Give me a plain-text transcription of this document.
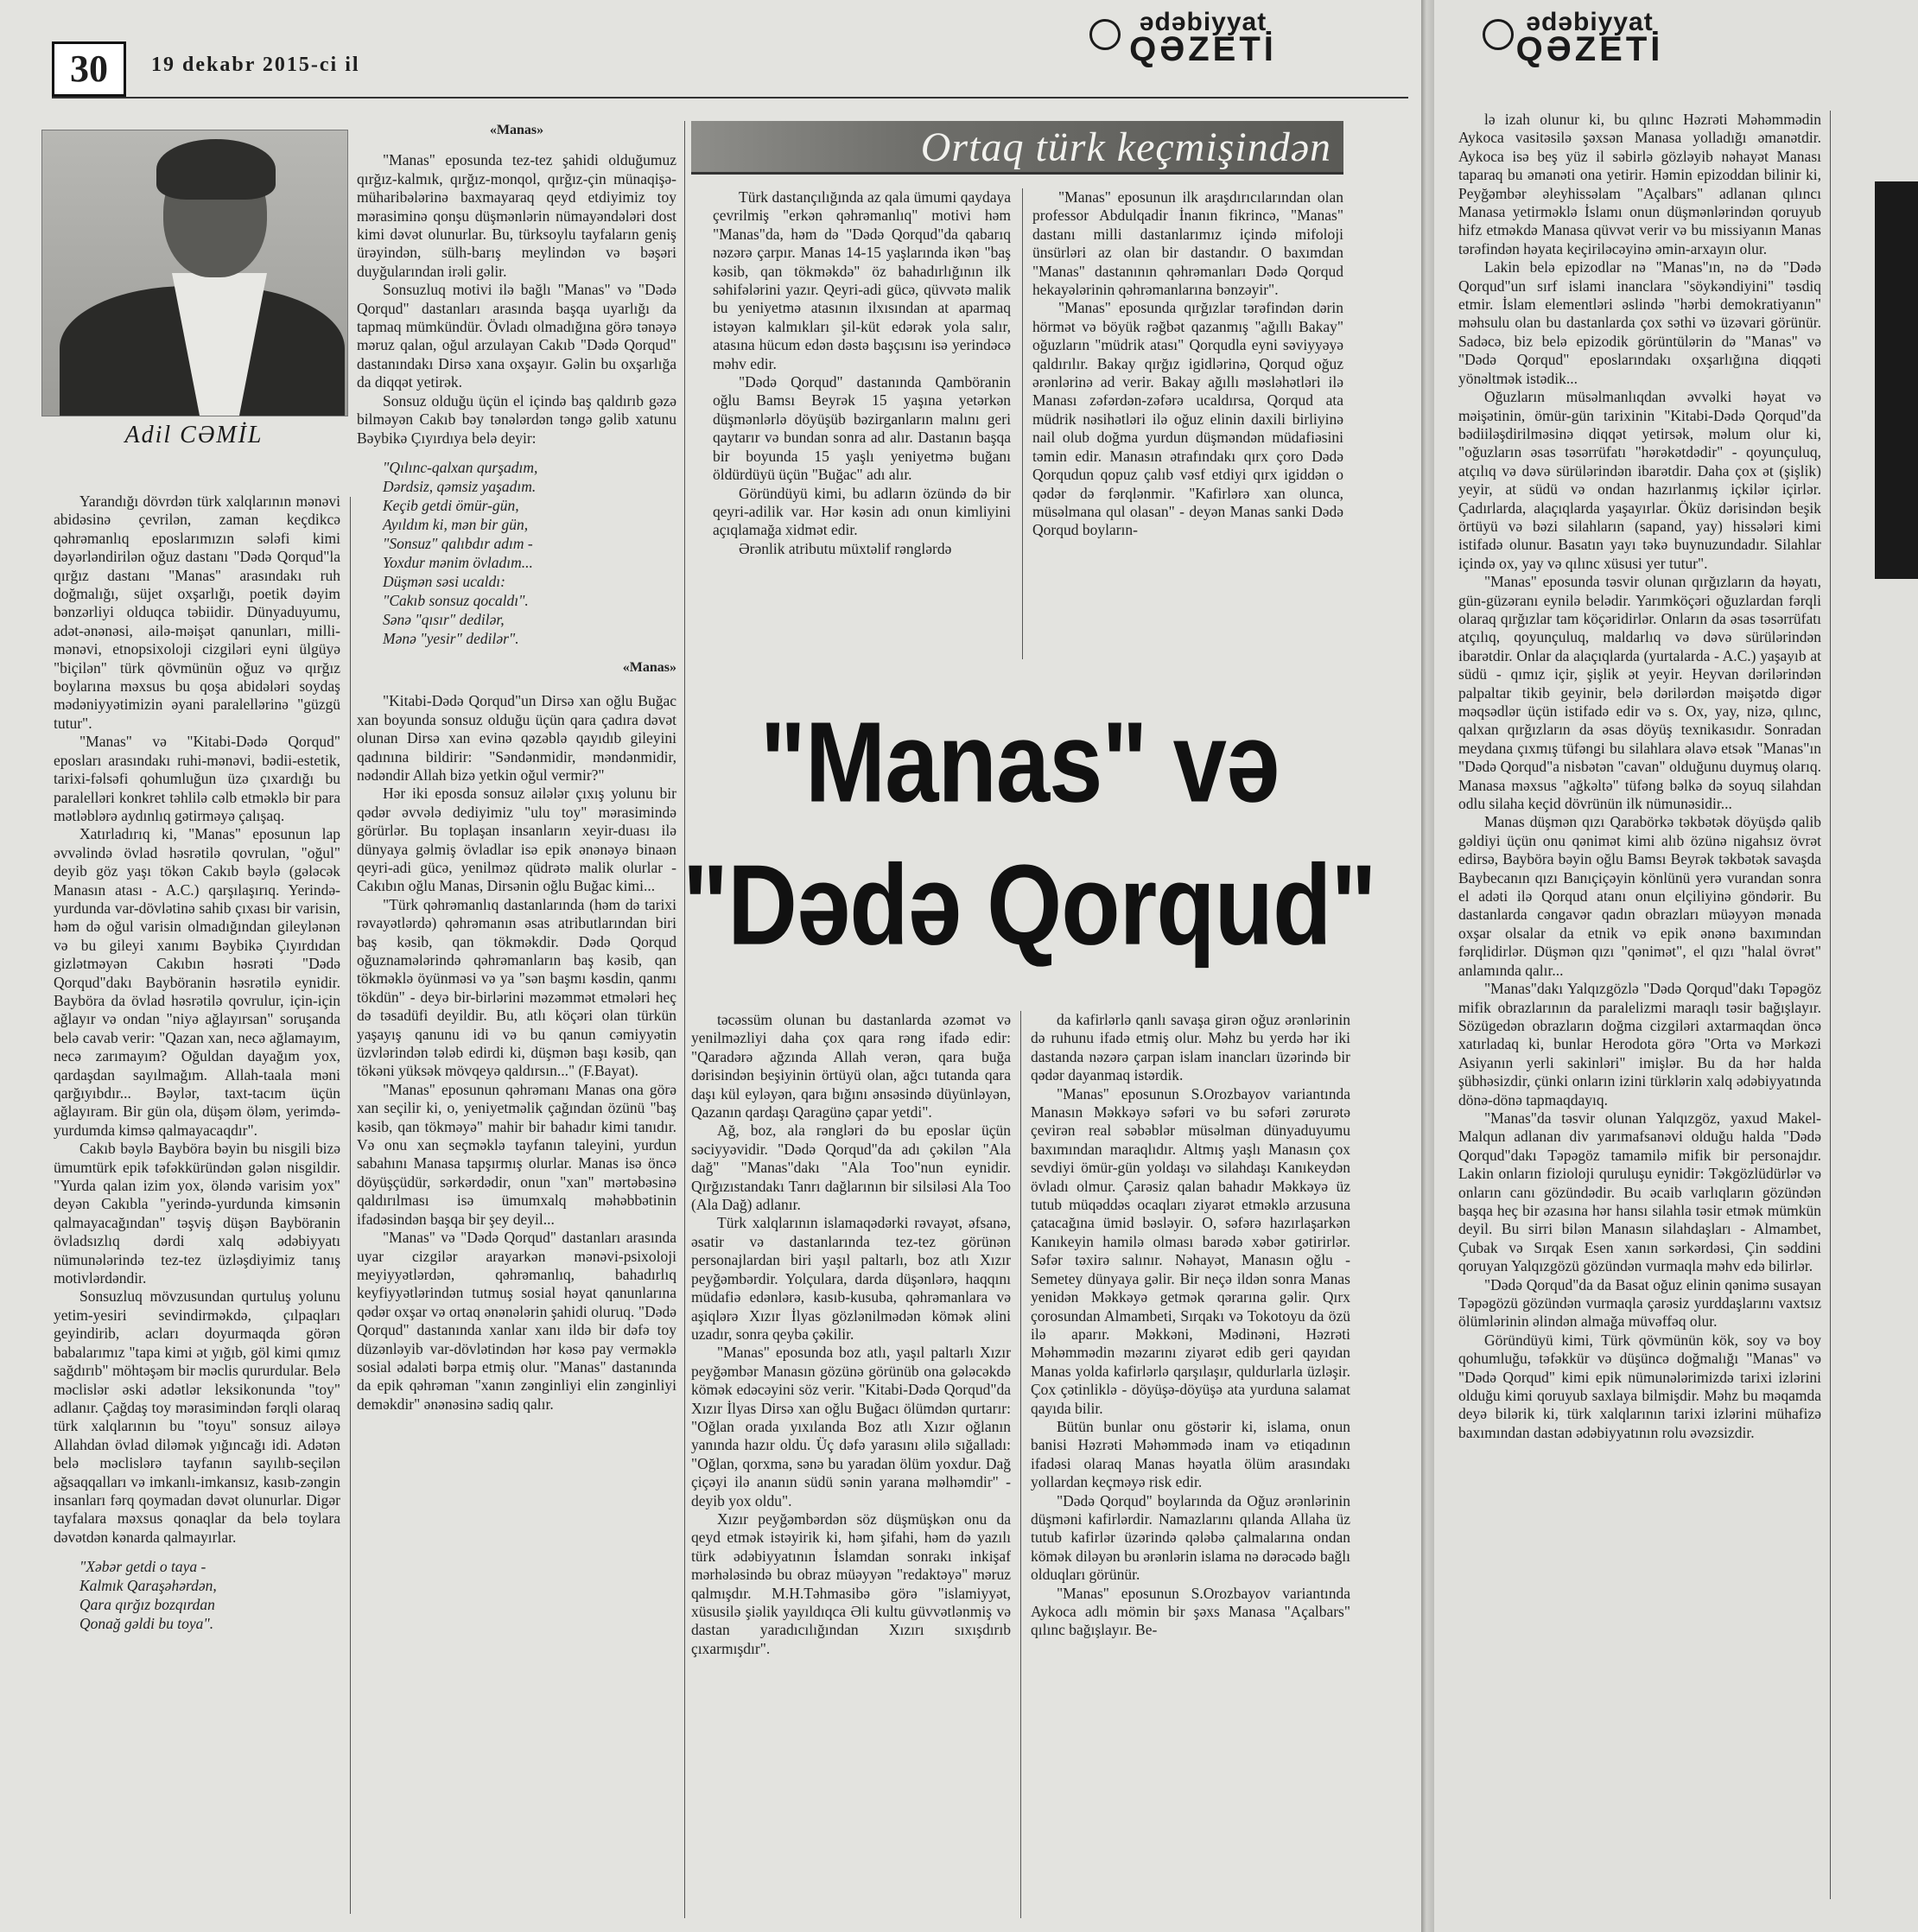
30	19 dekabr 2015-ci il
ədəbiyyat
QƏZETİ
Adil CƏMİL

Yarandığı dövrdən türk xalqlarının mənəvi abidəsinə çevrilən, zaman keçdikcə qəhrəmanlıq eposlarımızın sələfi kimi dəyərləndirilən oğuz dastanı "Dədə Qorqud"la qırğız dastanı "Manas" arasındakı ruh doğmalığı, süjet oxşarlığı, poetik dəyim bənzərliyi olduqca təbiidir. Dünyaduyumu, adət-ənənəsi, ailə-məişət qanunları, milli-mənəvi, etnopsixoloji cizgiləri eyni ülgüyə "biçilən" türk qövmünün oğuz və qırğız boylarına məxsus bu qoşa abidələri soydaş mədəniyyətimizin əyani paralellərinə "güzgü tutur".

"Manas" və "Kitabi-Dədə Qorqud" eposları arasındakı ruhi-mənəvi, bədii-estetik, tarixi-fəlsəfi qohumluğun üzə çıxardığı bu paralelləri konkret təhlilə cəlb etməklə bir para mətləblərə aydınlıq gətirməyə çalışaq.

Xatırladırıq ki, "Manas" eposunun lap əvvəlində övlad həsrətilə qovrulan, "oğul" deyib göz yaşı tökən Cakıb bəylə (gələcək Manasın atası - A.C.) qarşılaşırıq. Yerində-yurdunda var-dövlətinə sahib çıxası bir varisin, həm də oğul varisin olmadığından gileylənən və bu gileyi xanımı Bəybikə Çıyırdıdan gizlətməyən Cakıbın həsrəti "Dədə Qorqud"dakı Bayböranin həsrətilə eynidir. Bayböra da övlad həsrətilə qovrulur, için-için ağlayır və ondan "niyə ağlayırsan" soruşanda belə cavab verir: "Qazan xan, necə ağlamayım, necə zarımayım? Oğuldan dayağım yox, qardaşdan sayılmağım. Allah-taala məni qarğıyıbdır... Bəylər, taxt-tacım üçün ağlayıram. Bir gün ola, düşəm öləm, yerimdə-yurdumda kimsə qalmayacaqdır".

Cakıb bəylə Bayböra bəyin bu nisgili bizə ümumtürk epik təfəkküründən gələn nisgildir. "Yurda qalan izim yox, öləndə varisim yox" deyən Cakıbla "yerində-yurdunda kimsənin qalmayacağından" təşviş düşən Bayböranin övladsızlıq dərdi xalq ədəbiyyatı nümunələrində tez-tez üzləşdiyimiz tanış motivlərdəndir.

Sonsuzluq mövzusundan qurtuluş yolunu yetim-yesiri sevindirməkdə, çılpaqları geyindirib, acları doyurmaqda görən babalarımız "tapa kimi ət yığıb, göl kimi qımız sağdırıb" möhtəşəm bir məclis qururdular. Belə məclislər əski adətlər leksikonunda "toy" adlanır. Çağdaş toy mərasimindən fərqli olaraq türk xalqlarının bu "toyu" sonsuz ailəyə Allahdan övlad diləmək yığıncağı idi. Adətən belə məclislərə tayfanın sayılıb-seçilən ağsaqqalları və imkanlı-imkansız, kasıb-zəngin insanları fərq qoymadan dəvət olunurlar. Digər tayfalara məxsus qonaqlar da belə toylara dəvətdən kənarda qalmayırlar.

"Xəbər getdi o taya -
Kalmık Qaraşəhərdən,
Qara qırğız bozqırdan
Qonağ gəldi bu toya".
«Manas»

"Manas" eposunda tez-tez şahidi olduğumuz qırğız-kalmık, qırğız-monqol, qırğız-çin münaqişə-müharibələrinə baxmayaraq qeyd etdiyimiz toy mərasiminə qonşu düşmənlərin nümayəndələri dost kimi dəvət olunurlar. Bu, türksoylu tayfaların geniş ürəyindən, sülh-barış meylindən və bəşəri duyğularından irəli gəlir.

Sonsuzluq motivi ilə bağlı "Manas" və "Dədə Qorqud" dastanları arasında başqa uyarlığı da tapmaq mümkündür. Övladı olmadığına görə tənəyə məruz qalan, oğul arzulayan Cakıb "Dədə Qorqud" dastanındakı Dirsə xana oxşayır. Gəlin bu oxşarlığa da diqqət yetirək.

Sonsuz olduğu üçün el içində baş qaldırıb gəzə bilməyən Cakıb bəy tənələrdən təngə gəlib xatunu Bəybikə Çıyırdıya belə deyir:

"Qılınc-qalxan qurşadım,
Dərdsiz, qəmsiz yaşadım.
Keçib getdi ömür-gün,
Ayıldım ki, mən bir gün,
"Sonsuz" qalıbdır adım -
Yoxdur mənim övladım...
Düşmən səsi ucaldı:
"Cakıb sonsuz qocaldı".
Sənə "qısır" dedilər,
Mənə "yesir" dedilər".
«Manas»

"Kitabi-Dədə Qorqud"un Dirsə xan oğlu Buğac xan boyunda sonsuz olduğu üçün qara çadıra dəvət olunan Dirsə xan evinə qəzəblə qayıdıb gileyini qadınına bildirir: "Səndənmidir, məndənmidir, nədəndir Allah bizə yetkin oğul vermir?"

Hər iki eposda sonsuz ailələr çıxış yolunu bir qədər əvvələ dediyimiz "ulu toy" mərasimində görürlər. Bu toplaşan insanların xeyir-duası ilə dünyaya gəlmiş övladlar isə epik ənənəyə binaən qeyri-adi gücə, yenilməz qüdrətə malik olurlar - Cakıbın oğlu Manas, Dirsənin oğlu Buğac kimi...

"Türk qəhrəmanlıq dastanlarında (həm də tarixi rəvayətlərdə) qəhrəmanın əsas atributlarından biri baş kəsib, qan tökməkdir. Dədə Qorqud oğuznamələrində qəhrəmanların baş kəsib, qan tökməklə öyünməsi və ya "sən başmı kəsdin, qanmı tökdün" - deyə bir-birlərini məzəmmət etmələri heç də təsadüfi deyildir. Bu, atlı köçəri olan türkün yaşayış qanunu idi və bu qanun cəmiyyətin üzvlərindən tələb edirdi ki, düşmən başı kəsib, qan tökəni yüksək mövqeyə qaldırsın..." (F.Bayat).

"Manas" eposunun qəhrəmanı Manas ona görə xan seçilir ki, o, yeniyetməlik çağından özünü "baş kəsib, qan tökməyə" mahir bir bahadır kimi tanıdır. Və onu xan seçməklə tayfanın taleyini, yurdun sabahını Manasa tapşırmış olurlar. Manas isə öncə döyüşçüdür, sərkərdədir, onun "xan" mərtəbəsinə qaldırılması isə ümumxalq məhəbbətinin ifadəsindən başqa bir şey deyil...

"Manas" və "Dədə Qorqud" dastanları arasında uyar cizgilər arayarkən mənəvi-psixoloji meyiyyətlərdən, qəhrəmanlıq, bahadırlıq keyfiyyətlərindən tutmuş sosial həyat qanunlarına qədər oxşar və ortaq ənənələrin şahidi oluruq. "Dədə Qorqud" dastanında xanlar xanı ildə bir dəfə toy düzənləyib var-dövlətindən hər kəsə pay verməklə sosial ədaləti bərpa etmiş olur. "Manas" dastanında da epik qəhrəman "xanın zənginliyi elin zənginliyi deməkdir" ənənəsinə sadiq qalır.

Ortaq türk keçmişindən

Türk dastançılığında az qala ümumi qaydaya çevrilmiş "erkən qəhrəmanlıq" motivi həm "Manas"da, həm də "Dədə Qorqud"da qabarıq nəzərə çarpır. Manas 14-15 yaşlarında ikən "baş kəsib, qan tökməkdə" öz bahadırlığının ilk səhifələrini yazır. Qeyri-adi gücə, qüvvətə malik bu yeniyetmə atasının ilxısından at aparmaq istəyən kalmıkları şil-küt edərək yola salır, atasına hücum edən dəstə başçısını isə yerindəcə məhv edir.

"Dədə Qorqud" dastanında Qamböranin oğlu Bamsı Beyrək 15 yaşına yetərkən düşmənlərlə döyüşüb bəzirganların malını geri qaytarır və bundan sonra ad alır. Dastanın başqa bir boyunda 15 yaşlı yeniyetmə buğanı öldürdüyü üçün "Buğac" adı alır.

Göründüyü kimi, bu adların özündə də bir qeyri-adilik var. Hər kəsin adı onun kimliyini açıqlamağa xidmət edir.

Ərənlik atributu müxtəlif rənglərdə

"Manas" eposunun ilk araşdırıcılarından olan professor Abdulqadir İnanın fikrincə, "Manas" dastanı milli dastanlarımız içində mifoloji ünsürləri az olan bir dastandır. O baxımdan "Manas" dastanının qəhrəmanları Dədə Qorqud hekayələrinin qəhrəmanlarına bənzəyir".

"Manas" eposunda qırğızlar tərəfindən dərin hörmət və böyük rəğbət qazanmış "ağıllı Bakay" oğuzların "müdrik atası" Qorqudla eyni səviyyəyə qaldırılır. Bakay qırğız igidlərinə, Qorqud oğuz ərənlərinə ad verir. Bakay ağıllı məsləhətləri ilə Manası zəfərdən-zəfərə ucaldırsa, Qorqud ata müdrik nəsihətləri ilə oğuz elinin daxili birliyinə nail olub doğma yurdun düşməndən müdafiəsini təmin edir. Manasın ətrafındakı qırx çoro Dədə Qorqudun qopuz çalıb vəsf etdiyi qırx igiddən o qədər də fərqlənmir. "Kafirlərə xan olunca, müsəlmana qul olasan" - deyən Manas sanki Dədə Qorqud boyların-

"Manas" və
"Dədə Qorqud"

təcəssüm olunan bu dastanlarda əzəmət və yenilməzliyi daha çox qara rəng ifadə edir: "Qaradərə ağzında Allah verən, qara buğa dərisindən beşiyinin örtüyü olan, ağcı tutanda qara daşı kül eyləyən, qara bığını ənsəsində düyünləyən, Qazanın qardaşı Qaragünə çapar yetdi".

Ağ, boz, ala rəngləri də bu eposlar üçün səciyyəvidir. "Dədə Qorqud"da adı çəkilən "Ala dağ" "Manas"dakı "Ala Too"nun eynidir. Qırğızıstandakı Tanrı dağlarının bir silsiləsi Ala Too (Ala Dağ) adlanır.

Türk xalqlarının islamaqədərki rəvayət, əfsanə, əsatir və dastanlarında tez-tez görünən personajlardan biri yaşıl paltarlı, boz atlı Xızır peyğəmbərdir. Yolçulara, darda düşənlərə, haqqını müdafiə edənlərə, kasıb-kusuba, qəhrəmanlara və aşiqlərə Xızır İlyas gözlənilmədən kömək əlini uzadır, sonra qeyba çəkilir.

"Manas" eposunda boz atlı, yaşıl paltarlı Xızır peyğəmbər Manasın gözünə görünüb ona gələcəkdə kömək edəcəyini söz verir. "Kitabi-Dədə Qorqud"da Xızır İlyas Dirsə xan oğlu Buğacı ölümdən qurtarır: "Oğlan orada yıxılanda Boz atlı Xızır oğlanın yanında hazır oldu. Üç dəfə yarasını əlilə sığalladı: "Oğlan, qorxma, sənə bu yaradan ölüm yoxdur. Dağ çiçəyi ilə ananın südü sənin yarana məlhəmdir" - deyib yox oldu".

Xızır peyğəmbərdən söz düşmüşkən onu da qeyd etmək istəyirik ki, həm şifahi, həm də yazılı türk ədəbiyyatının İslamdan sonrakı inkişaf mərhələsində bu obraz müəyyən "redaktəyə" məruz qalmışdır. M.H.Təhmasibə görə "islamiyyət, xüsusilə şiəlik yayıldıqca Əli kultu güvvətlənmiş və dastan yaradıcılığından Xızırı sıxışdırıb çıxarmışdır".

da kafirlərlə qanlı savaşa girən oğuz ərənlərinin də ruhunu ifadə etmiş olur. Məhz bu yerdə hər iki dastanda nəzərə çarpan islam inancları üzərində bir qədər dayanmaq istərdik.

"Manas" eposunun S.Orozbayov variantında Manasın Məkkəyə səfəri və bu səfəri zərurətə çevirən real səbəblər müsəlman dünyaduyumu baxımından maraqlıdır. Altmış yaşlı Manasın çox sevdiyi ömür-gün yoldaşı və silahdaşı Kanıkeydən övladı olmur. Çarəsiz qalan bahadır Məkkəyə üz tutub müqəddəs ocaqları ziyarət etməklə arzusuna çatacağına ümid bəsləyir. O, səfərə hazırlaşarkən Kanıkeyin hamilə olması barədə xəbər gətirirlər. Səfər təxirə salınır. Nəhayət, Manasın oğlu - Semetey dünyaya gəlir. Bir neçə ildən sonra Manas yenidən Məkkəyə getmək qərarına gəlir. Qırx çorosundan Almambeti, Sırqakı və Tokotoyu da özü ilə aparır. Məkkəni, Mədinəni, Həzrəti Məhəmmədin məzarını ziyarət edib geri qayıdan Manas yolda kafirlərlə qarşılaşır, quldurlarla üzləşir. Çox çətinliklə - döyüşə-döyüşə ata yurduna salamat qayıda bilir.

Bütün bunlar onu göstərir ki, islama, onun banisi Həzrəti Məhəmmədə inam və etiqadının ifadəsi olaraq Manas həyatla ölüm arasındakı yollardan keçməyə risk edir.

"Dədə Qorqud" boylarında da Oğuz ərənlərinin düşməni kafirlərdir. Namazlarını qılanda Allaha üz tutub kafirlər üzərində qələbə çalmalarına ondan kömək diləyən bu ərənlərin islama nə dərəcədə bağlı olduqları görünür.

"Manas" eposunun S.Orozbayov variantında Aykoca adlı mömin bir şəxs Manasa "Açalbars" qılınc bağışlayır. Be-

ədəbiyyat
QƏZETİ

lə izah olunur ki, bu qılınc Həzrəti Məhəmmədin Aykoca vasitəsilə şəxsən Manasa yolladığı əmanətdir. Aykoca isə beş yüz il səbirlə gözləyib nəhayət Manası taparaq bu əmanəti ona yetirir. Həmin epizoddan bilinir ki, Peyğəmbər əleyhissəlam "Açalbars" adlanan qılıncı Manasa yetirməklə İslamı onun düşmənlərindən qoruyub hifz etməkdə Manasa qüvvət verir və bu missiyanın Manas tərəfindən həyata keçiriləcəyinə əmin-arxayın olur.

Lakin belə epizodlar nə "Manas"ın, nə də "Dədə Qorqud"un sırf islami inanclara "söykəndiyini" təsdiq etmir. İslam elementləri əslində "hərbi demokratiyanın" məhsulu olan bu dastanlarda çox səthi və üzəvari görünür. Sadəcə, biz belə epizodik görüntülərin də "Manas" və "Dədə Qorqud" eposlarındakı oxşarlığına diqqəti yönəltmək istədik...

Oğuzların müsəlmanlıqdan əvvəlki həyat və məişətinin, ömür-gün tarixinin "Kitabi-Dədə Qorqud"da bədiiləşdirilməsinə diqqət yetirsək, məlum olur ki, "oğuzların əsas təsərrüfatı "hərəkətdədir" - qoyunçuluq, atçılıq və dəvə sürülərindən ibarətdir. Daha çox ət (şişlik) yeyir, at südü və ondan hazırlanmış içkilər içirlər. Çadırlarda, alaçıqlarda yaşayırlar. Öküz dərisindən beşik örtüyü və bəzi silahların (sapand, yay) hissələri kimi istifadə olunur. Basatın yayı təkə buynuzundadır. Silahlar içində ox, yay və qılınc xüsusi yer tutur".

"Manas" eposunda təsvir olunan qırğızların da həyatı, gün-güzəranı eynilə belədir. Yarımköçəri oğuzlardan fərqli olaraq qırğızlar tam köçəridirlər. Onların da əsas təsərrüfatı atçılıq, qoyunçuluq, maldarlıq və dəvə sürülərindən ibarətdir. Onlar da alaçıqlarda (yurtalarda - A.C.) yaşayıb at südü - qımız içir, şişlik ət yeyir. Heyvan dərilərindən palpaltar tikib geyinir, belə dərilərdən məişətdə digər məqsədlər üçün istifadə edir və s. Ox, yay, nizə, qılınc, qalxan qırğızların da əsas döyüş texnikasıdır. Sonradan meydana çıxmış tüfəngi bu silahlara əlavə etsək "Manas"ın "Dədə Qorqud"a nisbətən "cavan" olduğunu duymuş olarıq. Manasa məxsus "ağkəltə" tüfəng bəlkə də soyuq silahdan odlu silaha keçid dövrünün ilk nümunəsidir...

Manas düşmən qızı Qarabörkə təkbətək döyüşdə qalib gəldiyi üçün onu qənimət kimi alıb özünə nigahsız övrət edirsə, Bayböra bəyin oğlu Bamsı Beyrək təkbətək savaşda Baybecanın qızı Banıçiçəyin könlünü yerə vurandan sonra el adəti ilə Qorqud atanı onun elçiliyinə göndərir. Bu dastanlarda cəngavər qadın obrazları müəyyən mənada oxşar olsalar da etnik və epik ənənə baxımından fərqlidirlər. Düşmən qızı "qənimət", el qızı "halal övrət" anlamında qalır...

"Manas"dakı Yalqızgözlə "Dədə Qorqud"dakı Təpəgöz mifik obrazlarının da paralelizmi maraqlı təsir bağışlayır. Sözügedən obrazların doğma cizgiləri axtarmaqdan öncə xatırladaq ki, bunlar Herodota görə "Orta və Mərkəzi Asiyanın yerli sakinləri" imişlər. Bu da hər halda şübhəsizdir, çünki onların izini türklərin xalq ədəbiyyatında dönə-dönə tapmaqdayıq.

"Manas"da təsvir olunan Yalqızgöz, yaxud Makel-Malqun adlanan div yarımafsanəvi olduğu halda "Dədə Qorqud"dakı Təpəgöz tamamilə mifik bir personajdır. Lakin onların fizioloji quruluşu eynidir: Təkgözlüdürlər və onların canı gözündədir. Bu əcaib varlıqların gözündən başqa heç bir əzasına hər hansı silahla təsir etmək mümkün deyil. Bu sirri bilən Manasın silahdaşları - Almambet, Çubak və Sırqak Esen xanın sərkərdəsi, Çin səddini qoruyan Yalqızgözü gözündən vurmaqla məhv edə bilirlər.

"Dədə Qorqud"da da Basat oğuz elinin qənimə susayan Təpəgözü gözündən vurmaqla çarəsiz yurddaşlarını vaxtsız ölümlərinin əlindən almağa müvəffəq olur.

Göründüyü kimi, Türk qövmünün kök, soy və boy qohumluğu, təfəkkür və düşüncə doğmalığı "Manas" və "Dədə Qorqud" kimi epik nümunələrimizdə tarixi izlərini olduğu kimi qoruyub saxlaya bilmişdir. Məhz bu məqamda deyə bilərik ki, türk xalqlarının tarixi izlərini mühafizə baxımından dastan ədəbiyyatının rolu əvəzsizdir.
